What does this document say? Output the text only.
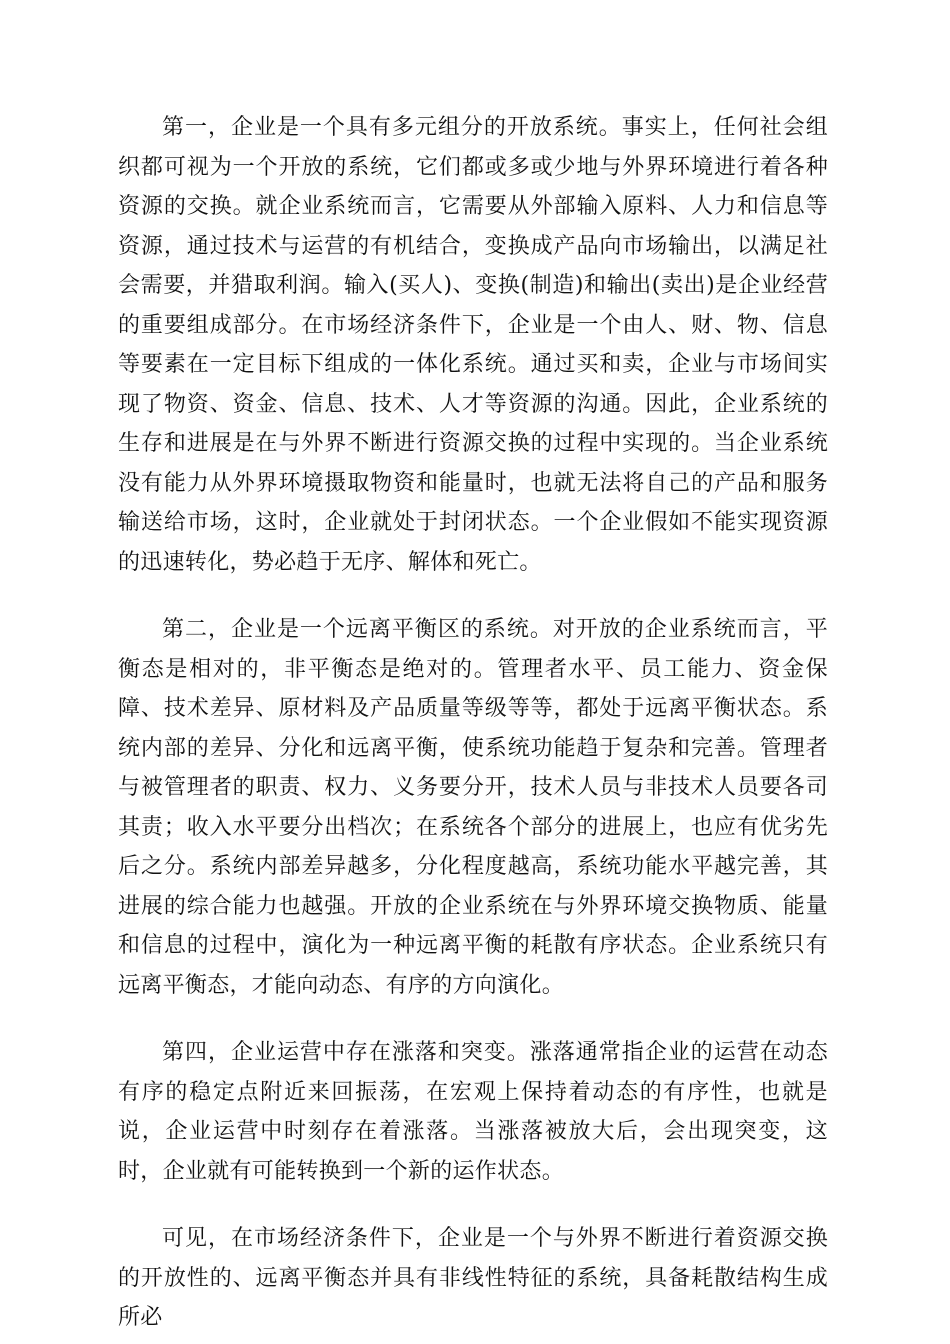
第一，企业是一个具有多元组分的开放系统。事实上，任何社会组织都可视为一个开放的系统，它们都或多或少地与外界环境进行着各种资源的交换。就企业系统而言，它需要从外部输入原料、人力和信息等资源，通过技术与运营的有机结合，变换成产品向市场输出，以满足社会需要，并猎取利润。输入(买人)、变换(制造)和输出(卖出)是企业经营的重要组成部分。在市场经济条件下，企业是一个由人、财、物、信息等要素在一定目标下组成的一体化系统。通过买和卖，企业与市场间实现了物资、资金、信息、技术、人才等资源的沟通。因此，企业系统的生存和进展是在与外界不断进行资源交换的过程中实现的。当企业系统没有能力从外界环境摄取物资和能量时，也就无法将自己的产品和服务输送给市场，这时，企业就处于封闭状态。一个企业假如不能实现资源的迅速转化，势必趋于无序、解体和死亡。

第二，企业是一个远离平衡区的系统。对开放的企业系统而言，平衡态是相对的，非平衡态是绝对的。管理者水平、员工能力、资金保障、技术差异、原材料及产品质量等级等等，都处于远离平衡状态。系统内部的差异、分化和远离平衡，使系统功能趋于复杂和完善。管理者与被管理者的职责、权力、义务要分开，技术人员与非技术人员要各司其责；收入水平要分出档次；在系统各个部分的进展上，也应有优劣先后之分。系统内部差异越多，分化程度越高，系统功能水平越完善，其进展的综合能力也越强。开放的企业系统在与外界环境交换物质、能量和信息的过程中，演化为一种远离平衡的耗散有序状态。企业系统只有远离平衡态，才能向动态、有序的方向演化。

第四，企业运营中存在涨落和突变。涨落通常指企业的运营在动态有序的稳定点附近来回振荡，在宏观上保持着动态的有序性，也就是说，企业运营中时刻存在着涨落。当涨落被放大后，会出现突变，这时，企业就有可能转换到一个新的运作状态。

可见，在市场经济条件下，企业是一个与外界不断进行着资源交换的开放性的、远离平衡态并具有非线性特征的系统，具备耗散结构生成所必
